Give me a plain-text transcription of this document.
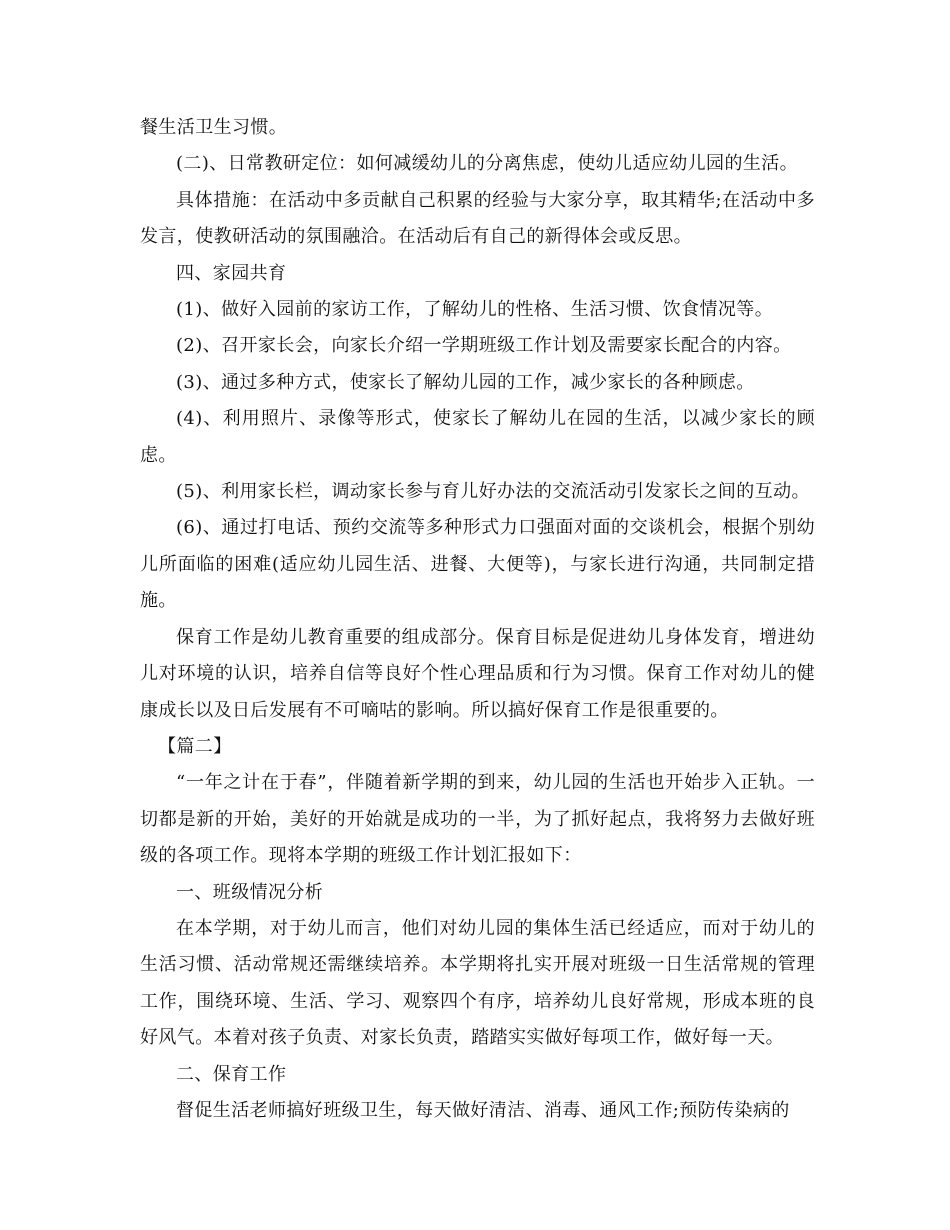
餐生活卫生习惯。

(二)、日常教研定位：如何减缓幼儿的分离焦虑，使幼儿适应幼儿园的生活。

具体措施：在活动中多贡献自己积累的经验与大家分享，取其精华;在活动中多发言，使教研活动的氛围融洽。在活动后有自己的新得体会或反思。

四、家园共育

(1)、做好入园前的家访工作，了解幼儿的性格、生活习惯、饮食情况等。

(2)、召开家长会，向家长介绍一学期班级工作计划及需要家长配合的内容。

(3)、通过多种方式，使家长了解幼儿园的工作，减少家长的各种顾虑。

(4)、利用照片、录像等形式，使家长了解幼儿在园的生活，以减少家长的顾虑。

(5)、利用家长栏，调动家长参与育儿好办法的交流活动引发家长之间的互动。

(6)、通过打电话、预约交流等多种形式力口强面对面的交谈机会，根据个别幼儿所面临的困难(适应幼儿园生活、进餐、大便等)，与家长进行沟通，共同制定措施。

保育工作是幼儿教育重要的组成部分。保育目标是促进幼儿身体发育，增进幼儿对环境的认识，培养自信等良好个性心理品质和行为习惯。保育工作对幼儿的健康成长以及日后发展有不可嘀咕的影响。所以搞好保育工作是很重要的。

【篇二】

“一年之计在于春”，伴随着新学期的到来，幼儿园的生活也开始步入正轨。一切都是新的开始，美好的开始就是成功的一半，为了抓好起点，我将努力去做好班级的各项工作。现将本学期的班级工作计划汇报如下：

一、班级情况分析

在本学期，对于幼儿而言，他们对幼儿园的集体生活已经适应，而对于幼儿的生活习惯、活动常规还需继续培养。本学期将扎实开展对班级一日生活常规的管理工作，围绕环境、生活、学习、观察四个有序，培养幼儿良好常规，形成本班的良好风气。本着对孩子负责、对家长负责，踏踏实实做好每项工作，做好每一天。

二、保育工作

督促生活老师搞好班级卫生，每天做好清洁、消毒、通风工作;预防传染病的
